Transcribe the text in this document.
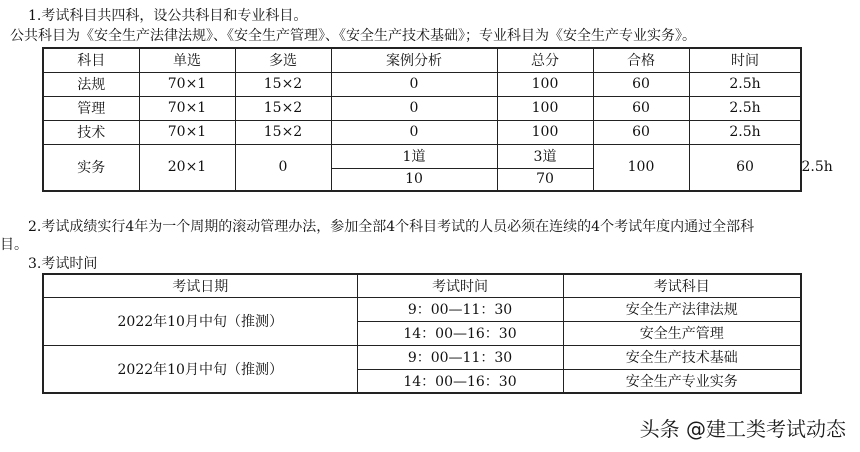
1.考试科目共四科，设公共科目和专业科目。
公共科目为《安全生产法律法规》、《安全生产管理》、《安全生产技术基础》；专业科目为《安全生产专业实务》。
科目	单选	多选	案例分析	总分	合格	时间	
法规	70×1	15×2	0	100	60	2.5h	
管理	70×1	15×2	0	100	60	2.5h	
技术	70×1	15×2	0	100	60	2.5h	
实务	20×1	0	1道	3道	100	60	2.5h
			10	70			
2.考试成绩实行4年为一个周期的滚动管理办法，参加全部4个科目考试的人员必须在连续的4个考试年度内通过全部科
目。
3.考试时间
考试日期	考试时间	考试科目
2022年10月中旬（推测）	9：00—11：30	安全生产法律法规
	14：00—16：30	安全生产管理
2022年10月中旬（推测）	9：00—11：30	安全生产技术基础
	14：00—16：30	安全生产专业实务
头条 @建工类考试动态
